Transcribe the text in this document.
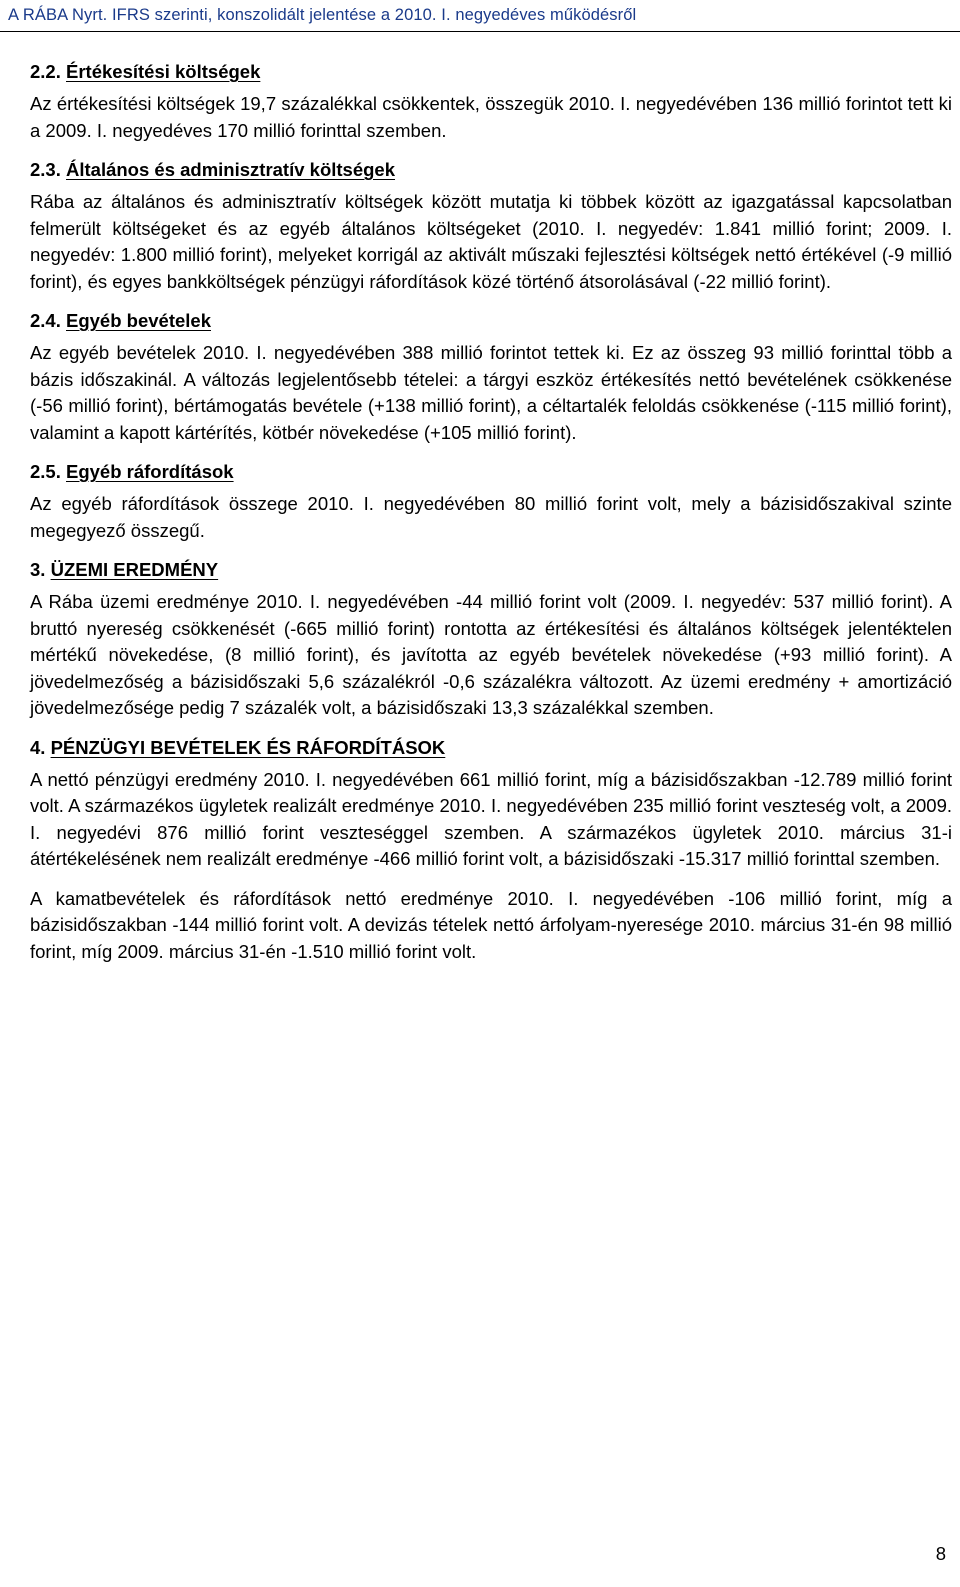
A RÁBA Nyrt. IFRS szerinti, konszolidált jelentése a 2010. I. negyedéves működésről
2.2. Értékesítési költségek

Az értékesítési költségek 19,7 százalékkal csökkentek, összegük 2010. I. negyedévében 136 millió forintot tett ki a 2009. I. negyedéves 170 millió forinttal szemben.

2.3. Általános és adminisztratív költségek

Rába az általános és adminisztratív költségek között mutatja ki többek között az igazgatással kapcsolatban felmerült költségeket és az egyéb általános költségeket (2010. I. negyedév: 1.841 millió forint; 2009. I. negyedév: 1.800 millió forint), melyeket korrigál az aktivált műszaki fejlesztési költségek nettó értékével (-9 millió forint), és egyes bankköltségek pénzügyi ráfordítások közé történő átsorolásával (-22 millió forint).

2.4. Egyéb bevételek

Az egyéb bevételek 2010. I. negyedévében 388 millió forintot tettek ki. Ez az összeg 93 millió forinttal több a bázis időszakinál. A változás legjelentősebb tételei: a tárgyi eszköz értékesítés nettó bevételének csökkenése (-56 millió forint), bértámogatás bevétele (+138 millió forint), a céltartalék feloldás csökkenése (-115 millió forint), valamint a kapott kártérítés, kötbér növekedése (+105 millió forint).

2.5. Egyéb ráfordítások

Az egyéb ráfordítások összege 2010. I. negyedévében 80 millió forint volt, mely a bázisidőszakival szinte megegyező összegű.

3. ÜZEMI EREDMÉNY

A Rába üzemi eredménye 2010. I. negyedévében -44 millió forint volt (2009. I. negyedév: 537 millió forint). A bruttó nyereség csökkenését (-665 millió forint) rontotta az értékesítési és általános költségek jelentéktelen mértékű növekedése, (8 millió forint), és javította az egyéb bevételek növekedése (+93 millió forint). A jövedelmezőség a bázisidőszaki 5,6 százalékról -0,6 százalékra változott. Az üzemi eredmény + amortizáció jövedelmezősége pedig 7 százalék volt, a bázisidőszaki 13,3 százalékkal szemben.

4. PÉNZÜGYI BEVÉTELEK ÉS RÁFORDÍTÁSOK

A nettó pénzügyi eredmény 2010. I. negyedévében 661 millió forint, míg a bázisidőszakban -12.789 millió forint volt. A származékos ügyletek realizált eredménye 2010. I. negyedévében 235 millió forint veszteség volt, a 2009. I. negyedévi 876 millió forint veszteséggel szemben. A származékos ügyletek 2010. március 31-i átértékelésének nem realizált eredménye -466 millió forint volt, a bázisidőszaki -15.317 millió forinttal szemben.

A kamatbevételek és ráfordítások nettó eredménye 2010. I. negyedévében -106 millió forint, míg a bázisidőszakban -144 millió forint volt. A devizás tételek nettó árfolyam-nyeresége 2010. március 31-én 98 millió forint, míg 2009. március 31-én -1.510 millió forint volt.

8
